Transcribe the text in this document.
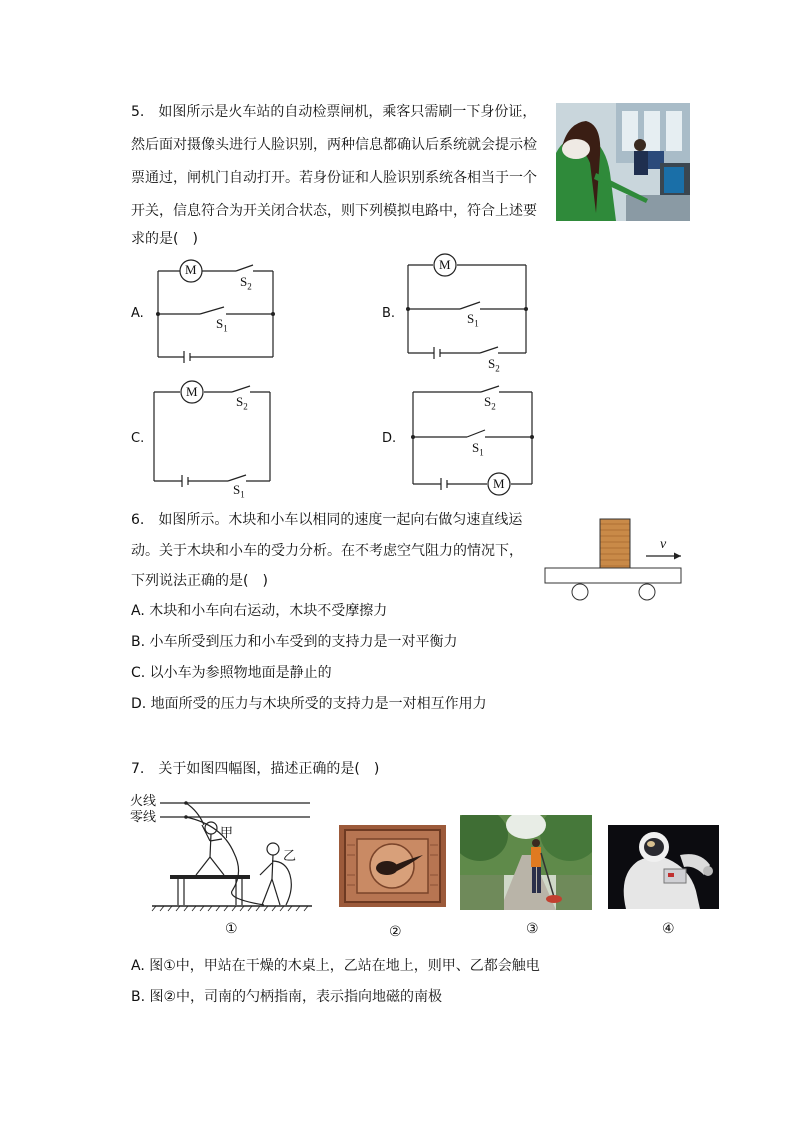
5.　如图所示是火车站的自动检票闸机，乘客只需刷一下身份证，
然后面对摄像头进行人脸识别，两种信息都确认后系统就会提示检
票通过，闸机门自动打开。若身份证和人脸识别系统各相当于一个
开关，信息符合为开关闭合状态，则下列模拟电路中，符合上述要
求的是(　)
A.
M
$S_2$
$S_1$
B.
M
$S_1$
$S_2$
C.
M
$S_2$
$S_1$
D.
M
$S_2$
$S_1$
6.　如图所示。木块和小车以相同的速度一起向右做匀速直线运
动。关于木块和小车的受力分析。在不考虑空气阻力的情况下，
下列说法正确的是(　)
v
A. 木块和小车向右运动，木块不受摩擦力
B. 小车所受到压力和小车受到的支持力是一对平衡力
C. 以小车为参照物地面是静止的
D. 地面所受的压力与木块所受的支持力是一对相互作用力
7.　关于如图四幅图，描述正确的是(　)
火线
零线
甲
乙
①	②	③	④
A. 图①中，甲站在干燥的木桌上，乙站在地上，则甲、乙都会触电
B. 图②中，司南的勺柄指南，表示指向地磁的南极
